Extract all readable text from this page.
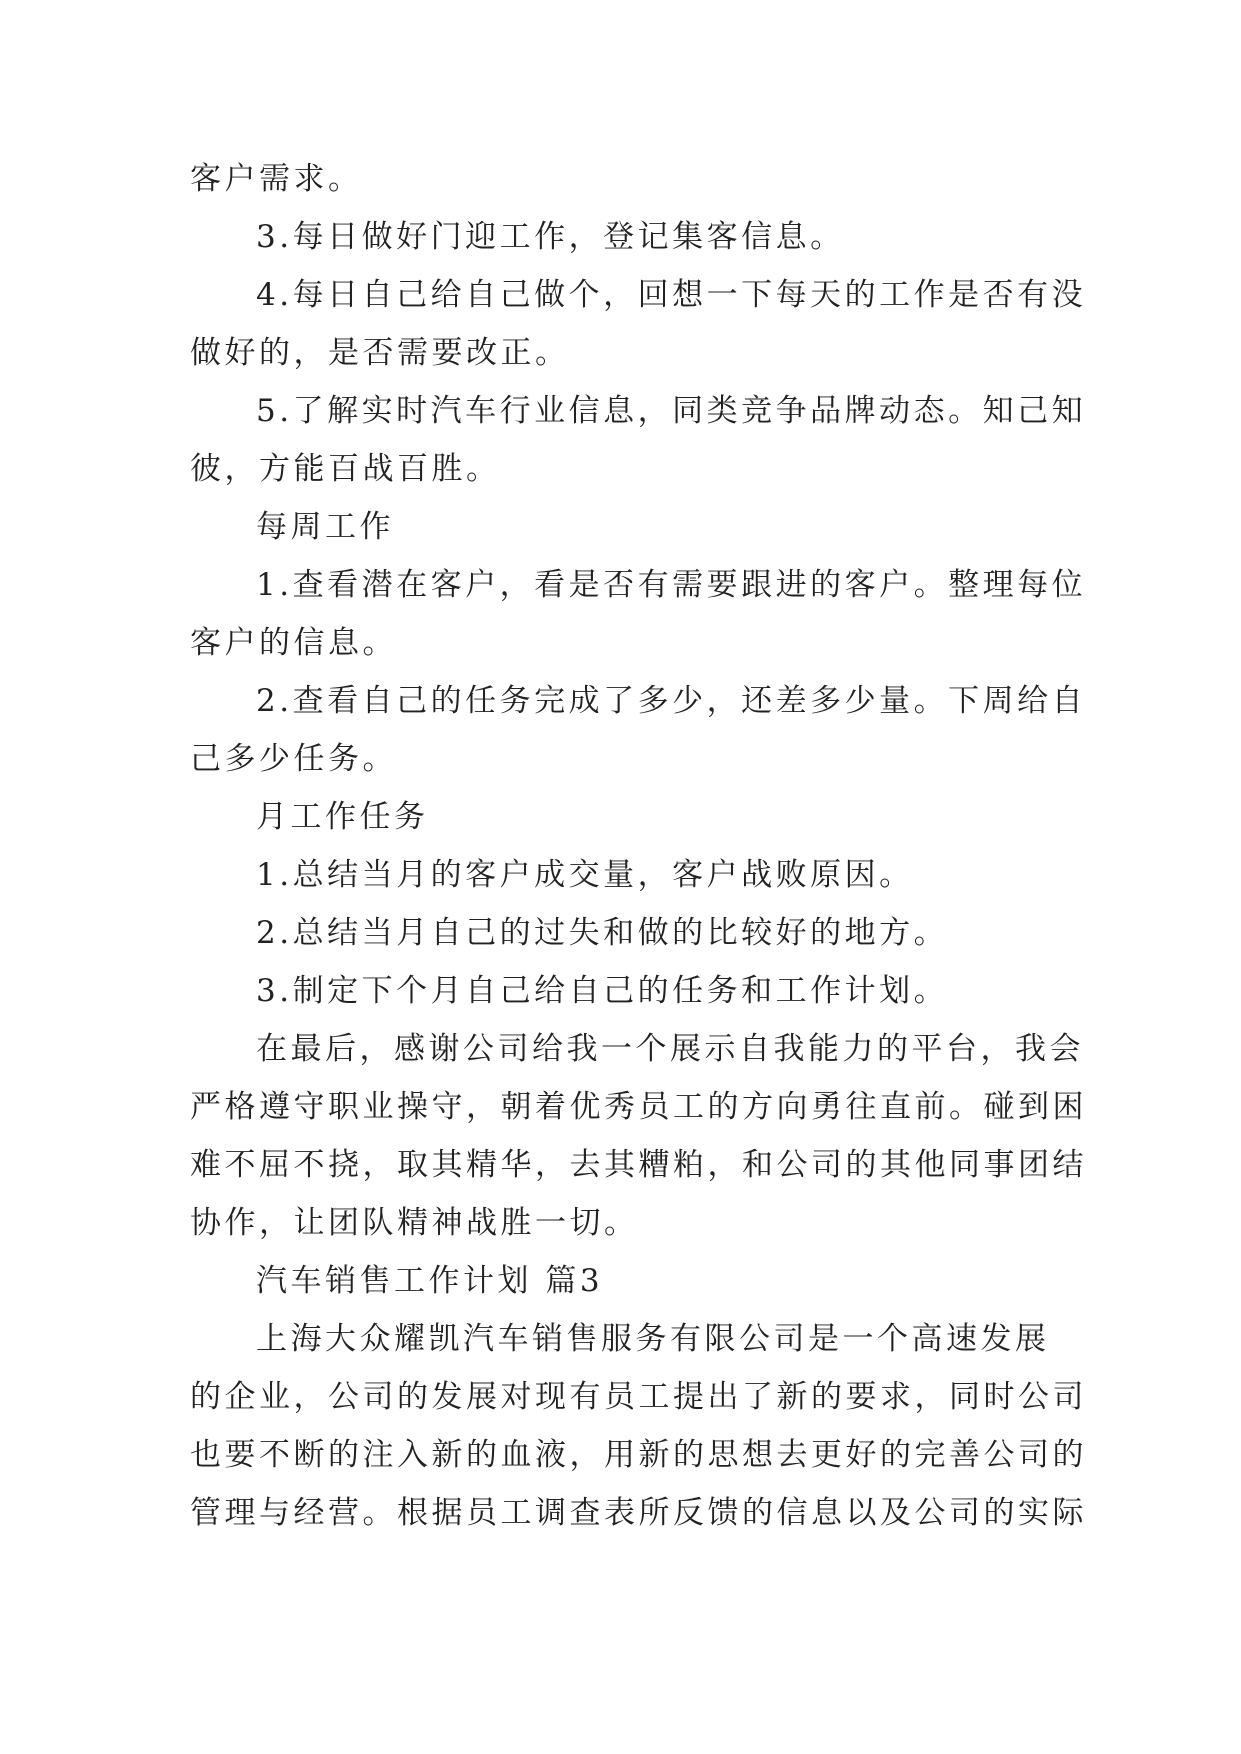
客户需求。
3.每日做好门迎工作，登记集客信息。
4.每日自己给自己做个，回想一下每天的工作是否有没
做好的，是否需要改正。
5.了解实时汽车行业信息，同类竞争品牌动态。知己知
彼，方能百战百胜。
每周工作
1.查看潜在客户，看是否有需要跟进的客户。整理每位
客户的信息。
2.查看自己的任务完成了多少，还差多少量。下周给自
己多少任务。
月工作任务
1.总结当月的客户成交量，客户战败原因。
2.总结当月自己的过失和做的比较好的地方。
3.制定下个月自己给自己的任务和工作计划。
在最后，感谢公司给我一个展示自我能力的平台，我会
严格遵守职业操守，朝着优秀员工的方向勇往直前。碰到困
难不屈不挠，取其精华，去其糟粕，和公司的其他同事团结
协作，让团队精神战胜一切。
汽车销售工作计划 篇3
上海大众耀凯汽车销售服务有限公司是一个高速发展
的企业，公司的发展对现有员工提出了新的要求，同时公司
也要不断的注入新的血液，用新的思想去更好的完善公司的
管理与经营。根据员工调查表所反馈的信息以及公司的实际
